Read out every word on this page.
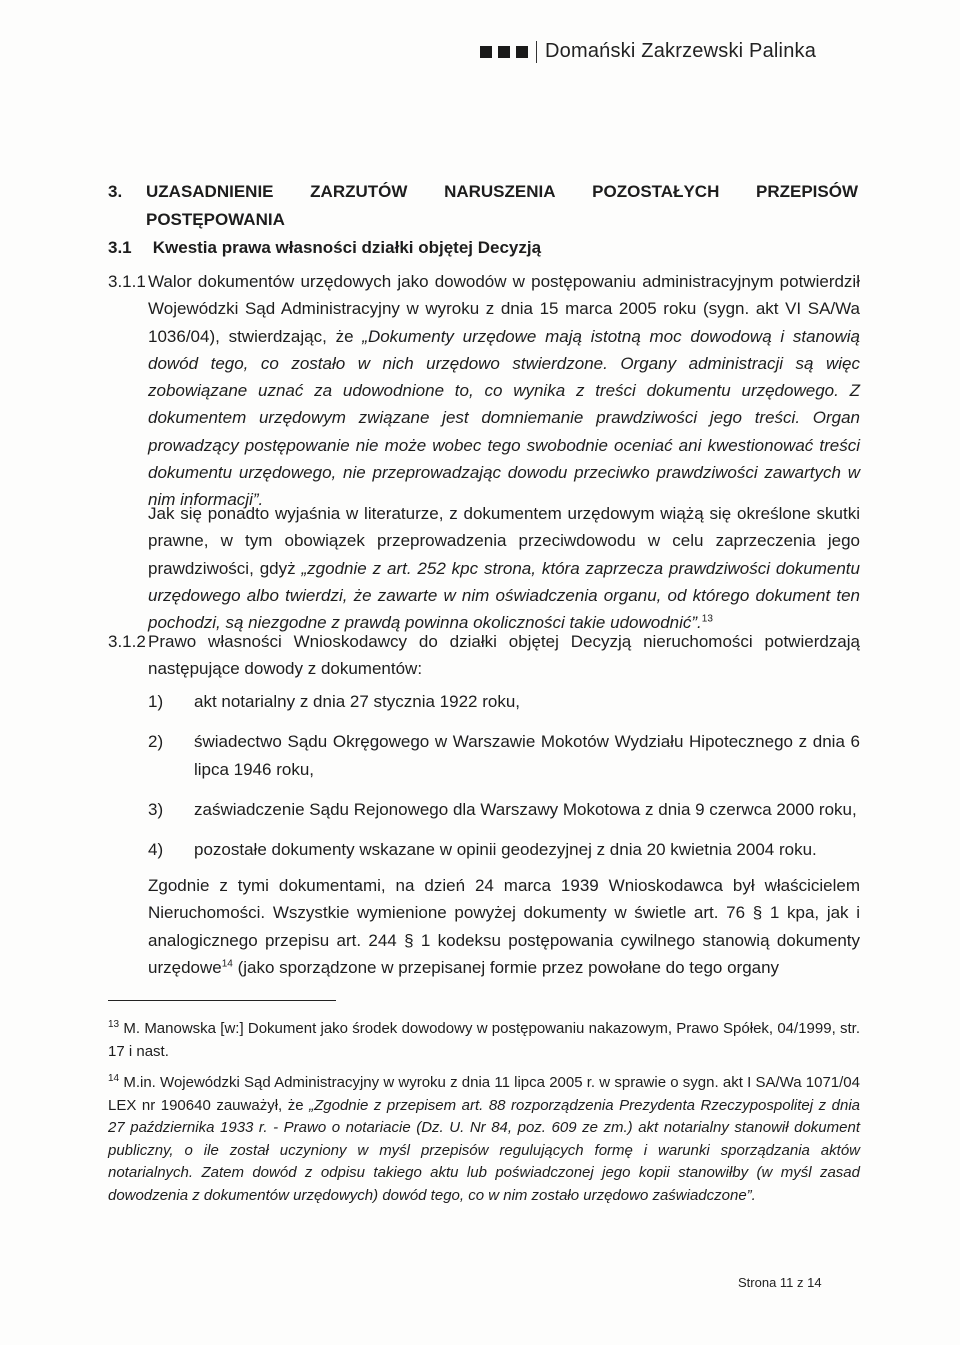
Domański Zakrzewski Palinka
3. UZASADNIENIE ZARZUTÓW NARUSZENIA POZOSTAŁYCH PRZEPISÓW
POSTĘPOWANIA
3.1 Kwestia prawa własności działki objętej Decyzją
3.1.1 Walor dokumentów urzędowych jako dowodów w postępowaniu administracyjnym potwierdził Wojewódzki Sąd Administracyjny w wyroku z dnia 15 marca 2005 roku (sygn. akt VI SA/Wa 1036/04), stwierdzając, że „Dokumenty urzędowe mają istotną moc dowodową i stanowią dowód tego, co zostało w nich urzędowo stwierdzone. Organy administracji są więc zobowiązane uznać za udowodnione to, co wynika z treści dokumentu urzędowego. Z dokumentem urzędowym związane jest domniemanie prawdziwości jego treści. Organ prowadzący postępowanie nie może wobec tego swobodnie oceniać ani kwestionować treści dokumentu urzędowego, nie przeprowadzając dowodu przeciwko prawdziwości zawartych w nim informacji”.
Jak się ponadto wyjaśnia w literaturze, z dokumentem urzędowym wiążą się określone skutki prawne, w tym obowiązek przeprowadzenia przeciwdowodu w celu zaprzeczenia jego prawdziwości, gdyż „zgodnie z art. 252 kpc strona, która zaprzecza prawdziwości dokumentu urzędowego albo twierdzi, że zawarte w nim oświadczenia organu, od którego dokument ten pochodzi, są niezgodne z prawdą powinna okoliczności takie udowodnić”.$^{13}$
3.1.2 Prawo własności Wnioskodawcy do działki objętej Decyzją nieruchomości potwierdzają następujące dowody z dokumentów:
1)	akt notarialny z dnia 27 stycznia 1922 roku,
2)	świadectwo Sądu Okręgowego w Warszawie Mokotów Wydziału Hipotecznego z dnia 6 lipca 1946 roku,
3)	zaświadczenie Sądu Rejonowego dla Warszawy Mokotowa z dnia 9 czerwca 2000 roku,
4)	pozostałe dokumenty wskazane w opinii geodezyjnej z dnia 20 kwietnia 2004 roku.
Zgodnie z tymi dokumentami, na dzień 24 marca 1939 Wnioskodawca był właścicielem Nieruchomości. Wszystkie wymienione powyżej dokumenty w świetle art. 76 § 1 kpa, jak i analogicznego przepisu art. 244 § 1 kodeksu postępowania cywilnego stanowią dokumenty urzędowe$^{14}$ (jako sporządzone w przepisanej formie przez powołane do tego organy
$^{13}$ M. Manowska [w:] Dokument jako środek dowodowy w postępowaniu nakazowym, Prawo Spółek, 04/1999, str. 17 i nast.
$^{14}$ M.in. Wojewódzki Sąd Administracyjny w wyroku z dnia 11 lipca 2005 r. w sprawie o sygn. akt I SA/Wa 1071/04 LEX nr 190640 zauważył, że „Zgodnie z przepisem art. 88 rozporządzenia Prezydenta Rzeczypospolitej z dnia 27 października 1933 r. - Prawo o notariacie (Dz. U. Nr 84, poz. 609 ze zm.) akt notarialny stanowił dokument publiczny, o ile został uczyniony w myśl przepisów regulujących formę i warunki sporządzania aktów notarialnych. Zatem dowód z odpisu takiego aktu lub poświadczonej jego kopii stanowiłby (w myśl zasad dowodzenia z dokumentów urzędowych) dowód tego, co w nim zostało urzędowo zaświadczone”.
Strona 11 z 14
